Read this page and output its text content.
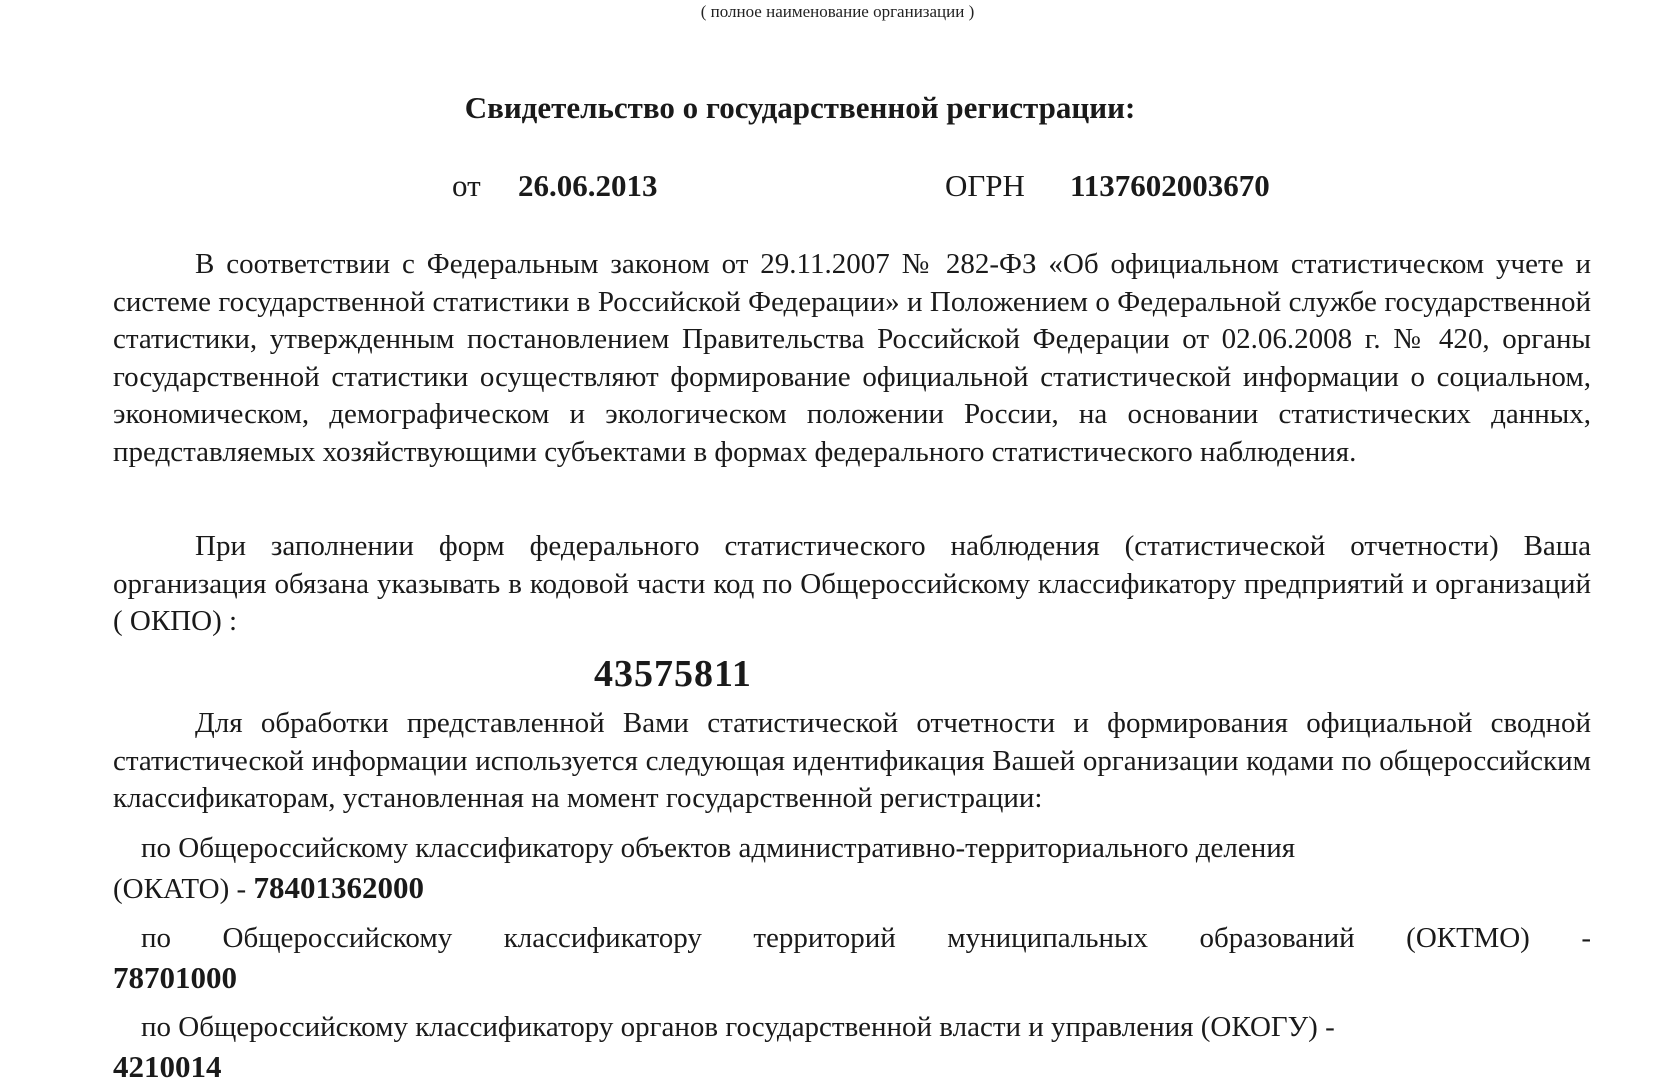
( полное наименование организации )
Свидетельство о государственной регистрации:
от 26.06.2013	ОГРН 1137602003670

В соответствии с Федеральным законом от 29.11.2007 № 282-ФЗ «Об официальном статистическом учете и системе государственной статистики в Российской Федерации» и Положением о Федеральной службе государственной статистики, утвержденным постановлением Правительства Российской Федерации от 02.06.2008 г. № 420, органы государственной статистики осуществляют формирование официальной статистической информации о социальном, экономическом, демографическом и экологическом положении России, на основании статистических данных, представляемых хозяйствующими субъектами в формах федерального статистического наблюдения.

При заполнении форм федерального статистического наблюдения (статистической отчетности) Ваша организация обязана указывать в кодовой части код по Общероссийскому классификатору предприятий и организаций ( ОКПО) :

43575811

Для обработки представленной Вами статистической отчетности и формирования официальной сводной статистической информации используется следующая идентификация Вашей организации кодами по общероссийским классификаторам, установленная на момент государственной регистрации:

по Общероссийскому классификатору объектов административно-территориального деления
(ОКАТО) - 78401362000
по Общероссийскому классификатору территорий муниципальных образований (ОКТМО) -
78701000
по Общероссийскому классификатору органов государственной власти и управления (ОКОГУ) -
4210014
